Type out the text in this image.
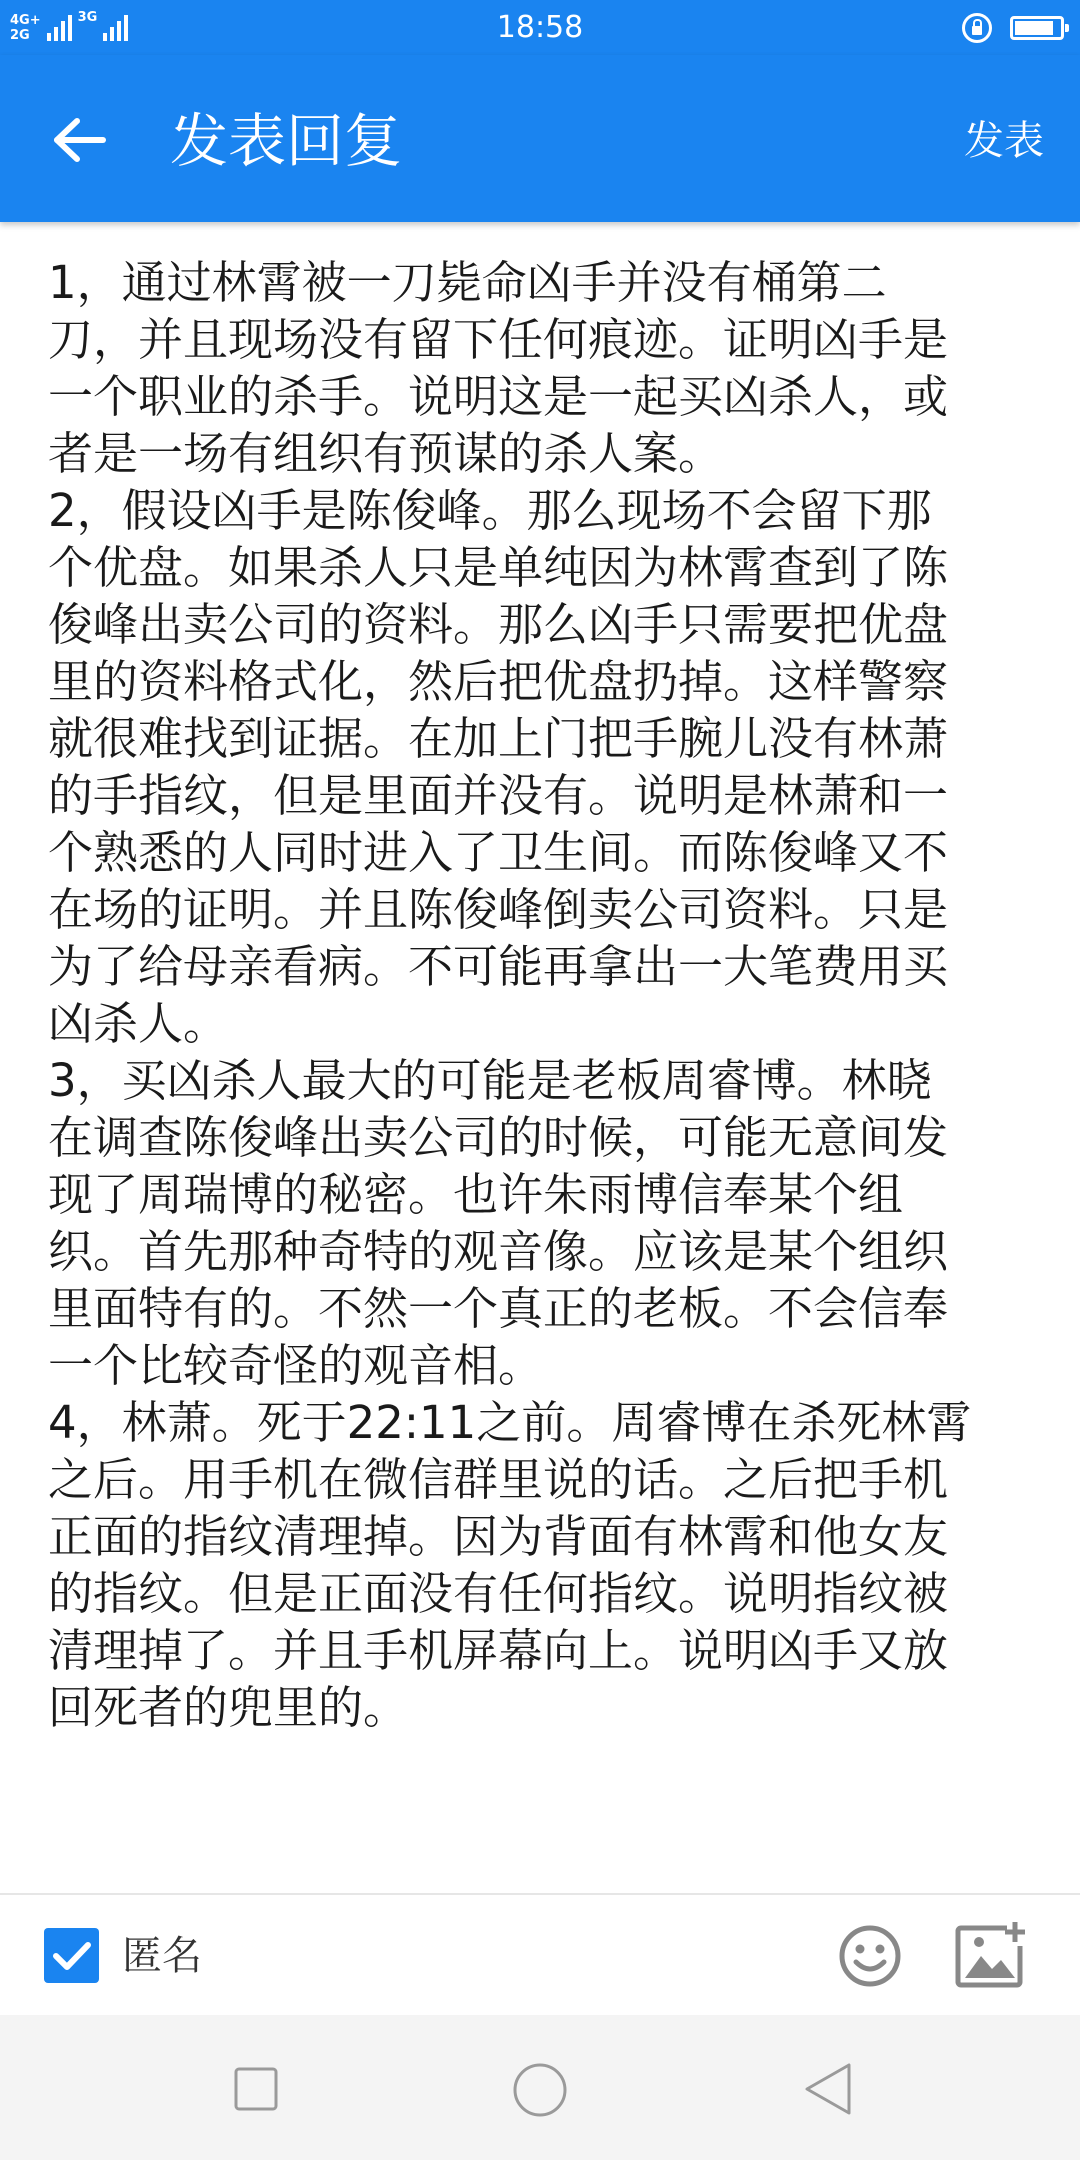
4G+
2G
3G	18:58
发表回复	发表
1，通过林霄被一刀毙命凶手并没有桶第二
刀，并且现场没有留下任何痕迹。证明凶手是
一个职业的杀手。说明这是一起买凶杀人，或
者是一场有组织有预谋的杀人案。
2，假设凶手是陈俊峰。那么现场不会留下那
个优盘。如果杀人只是单纯因为林霄查到了陈
俊峰出卖公司的资料。那么凶手只需要把优盘
里的资料格式化，然后把优盘扔掉。这样警察
就很难找到证据。在加上门把手腕儿没有林萧
的手指纹，但是里面并没有。说明是林萧和一
个熟悉的人同时进入了卫生间。而陈俊峰又不
在场的证明。并且陈俊峰倒卖公司资料。只是
为了给母亲看病。不可能再拿出一大笔费用买
凶杀人。
3，买凶杀人最大的可能是老板周睿博。林晓
在调查陈俊峰出卖公司的时候，可能无意间发
现了周瑞博的秘密。也许朱雨博信奉某个组
织。首先那种奇特的观音像。应该是某个组织
里面特有的。不然一个真正的老板。不会信奉
一个比较奇怪的观音相。
4，林萧。死于22:11之前。周睿博在杀死林霄
之后。用手机在微信群里说的话。之后把手机
正面的指纹清理掉。因为背面有林霄和他女友
的指纹。但是正面没有任何指纹。说明指纹被
清理掉了。并且手机屏幕向上。说明凶手又放
回死者的兜里的。
匿名
